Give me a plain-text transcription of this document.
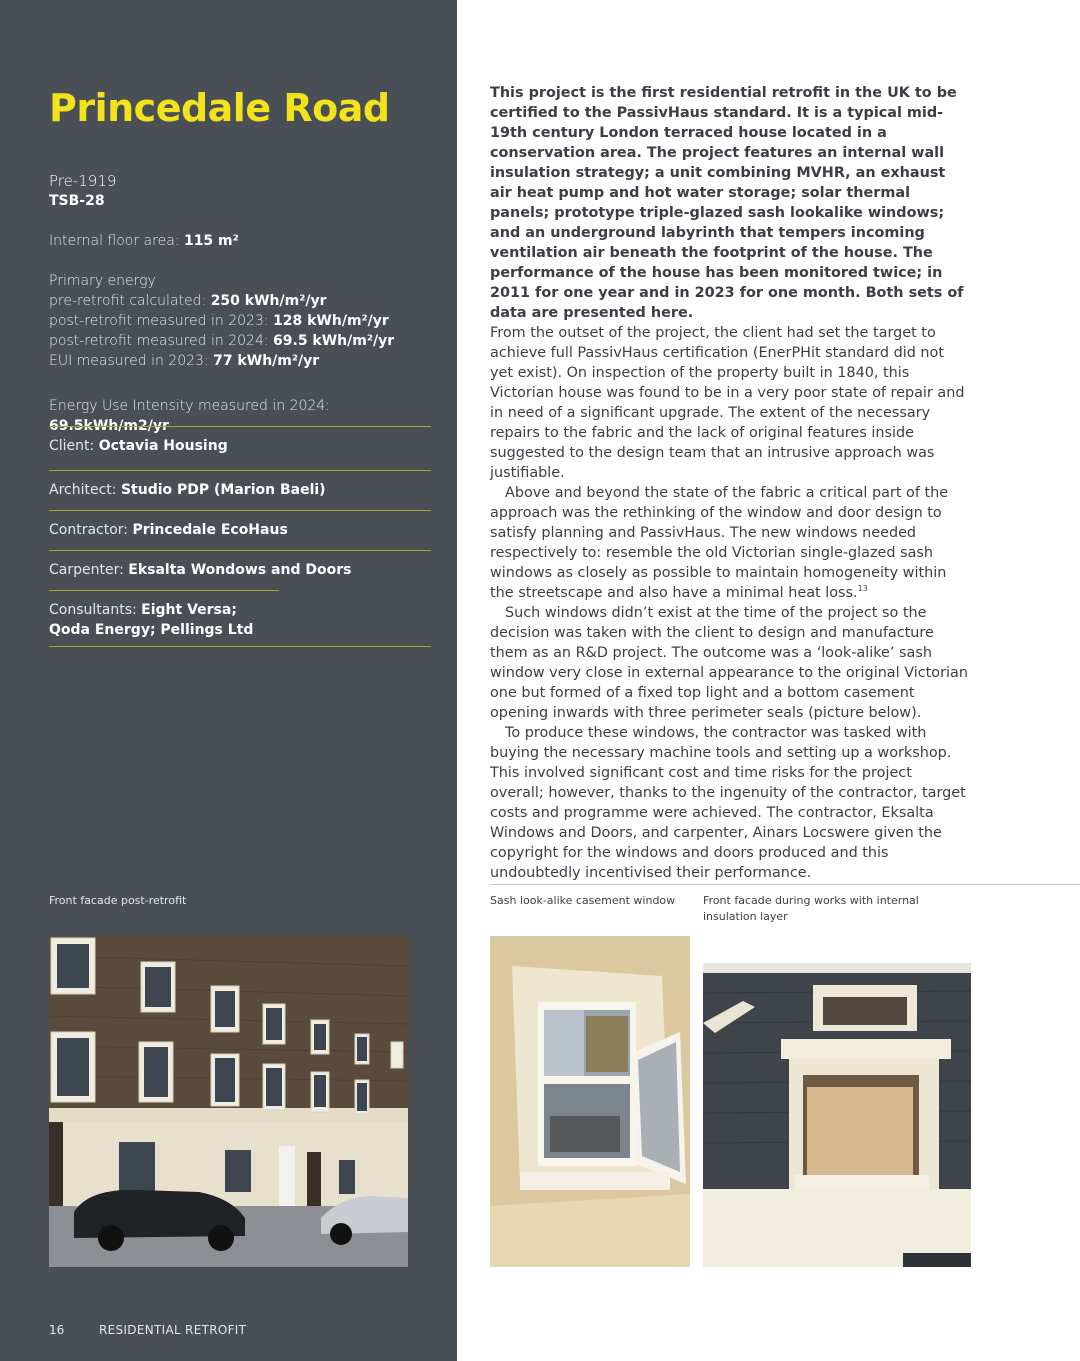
Princedale Road
Pre-1919
TSB-28
Internal floor area: 115 m²
Primary energy
pre-retrofit calculated: 250 kWh/m²/yr
post-retrofit measured in 2023: 128 kWh/m²/yr
post-retrofit measured in 2024: 69.5 kWh/m²/yr
EUI measured in 2023: 77 kWh/m²/yr
Energy Use Intensity measured in 2024: 69.5kWh/m2/yr
Client: Octavia Housing
Architect: Studio PDP (Marion Baeli)
Contractor: Princedale EcoHaus
Carpenter: Eksalta Wondows and Doors
Consultants: Eight Versa; Qoda Energy; Pellings Ltd
Front facade post-retrofit

This project is the first residential retrofit in the UK to be certified to the PassivHaus standard. It is a typical mid-19th century London terraced house located in a conservation area. The project features an internal wall insulation strategy; a unit combining MVHR, an exhaust air heat pump and hot water storage; solar thermal panels; prototype triple-glazed sash lookalike windows; and an underground labyrinth that tempers incoming ventilation air beneath the footprint of the house. The performance of the house has been monitored twice; in 2011 for one year and in 2023 for one month. Both sets of data are presented here.

From the outset of the project, the client had set the target to achieve full PassivHaus certification (EnerPHit standard did not yet exist). On inspection of the property built in 1840, this Victorian house was found to be in a very poor state of repair and in need of a significant upgrade. The extent of the necessary repairs to the fabric and the lack of original features inside suggested to the design team that an intrusive approach was justifiable.

Above and beyond the state of the fabric a critical part of the approach was the rethinking of the window and door design to satisfy planning and PassivHaus. The new windows needed respectively to: resemble the old Victorian single-glazed sash windows as closely as possible to maintain homogeneity within the streetscape and also have a minimal heat loss.$^{13}$

Such windows didn’t exist at the time of the project so the decision was taken with the client to design and manufacture them as an R&D project. The outcome was a ‘look-alike’ sash window very close in external appearance to the original Victorian one but formed of a fixed top light and a bottom casement opening inwards with three perimeter seals (picture below).

To produce these windows, the contractor was tasked with buying the necessary machine tools and setting up a workshop. This involved significant cost and time risks for the project overall; however, thanks to the ingenuity of the contractor, target costs and programme were achieved. The contractor, Eksalta Windows and Doors, and carpenter, Ainars Locswere given the copyright for the windows and doors produced and this undoubtedly incentivised their performance.

Sash look-alike casement window	Front facade during works with internal insulation layer
16	RESIDENTIAL RETROFIT
